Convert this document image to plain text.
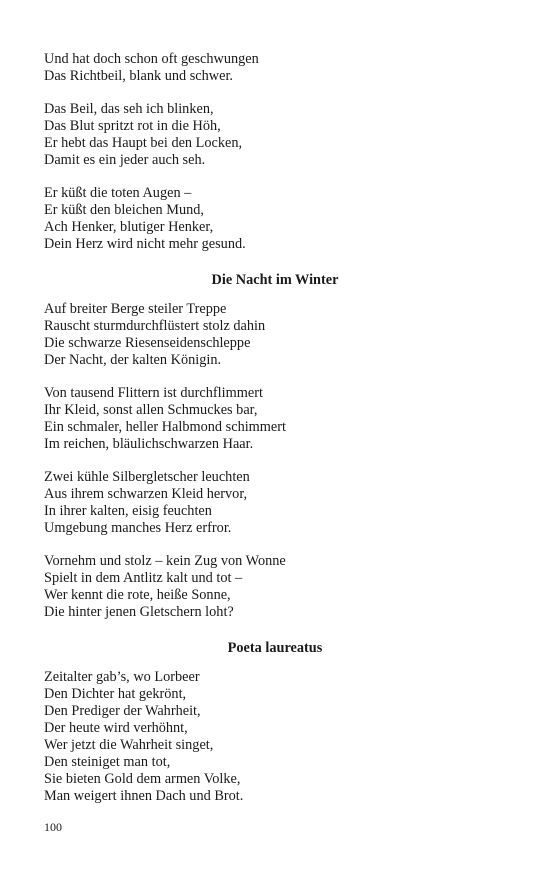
Und hat doch schon oft geschwungen
Das Richtbeil, blank und schwer.
Das Beil, das seh ich blinken,
Das Blut spritzt rot in die Höh,
Er hebt das Haupt bei den Locken,
Damit es ein jeder auch seh.
Er küßt die toten Augen –
Er küßt den bleichen Mund,
Ach Henker, blutiger Henker,
Dein Herz wird nicht mehr gesund.
Die Nacht im Winter
Auf breiter Berge steiler Treppe
Rauscht sturmdurchflüstert stolz dahin
Die schwarze Riesenseidenschleppe
Der Nacht, der kalten Königin.
Von tausend Flittern ist durchflimmert
Ihr Kleid, sonst allen Schmuckes bar,
Ein schmaler, heller Halbmond schimmert
Im reichen, bläulichschwarzen Haar.
Zwei kühle Silbergletscher leuchten
Aus ihrem schwarzen Kleid hervor,
In ihrer kalten, eisig feuchten
Umgebung manches Herz erfror.
Vornehm und stolz – kein Zug von Wonne
Spielt in dem Antlitz kalt und tot –
Wer kennt die rote, heiße Sonne,
Die hinter jenen Gletschern loht?
Poeta laureatus
Zeitalter gab’s, wo Lorbeer
Den Dichter hat gekrönt,
Den Prediger der Wahrheit,
Der heute wird verhöhnt,
Wer jetzt die Wahrheit singet,
Den steiniget man tot,
Sie bieten Gold dem armen Volke,
Man weigert ihnen Dach und Brot.
100
